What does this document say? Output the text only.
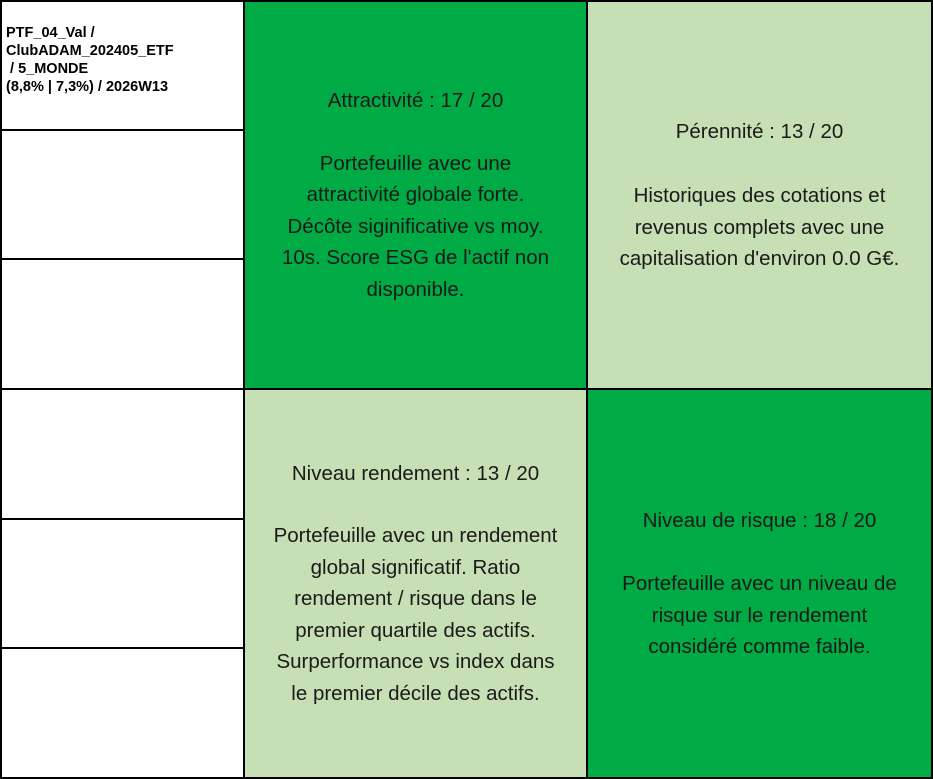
PTF_04_Val /
ClubADAM_202405_ETF
/ 5_MONDE
(8,8% | 7,3%) / 2026W13
Attractivité : 17 / 20
Portefeuille avec une
attractivité globale forte.
Décôte siginificative vs moy.
10s. Score ESG de l'actif non
disponible.
Pérennité : 13 / 20
Historiques des cotations et
revenus complets avec une
capitalisation d'environ 0.0 G€.
Niveau rendement : 13 / 20
Portefeuille avec un rendement
global significatif. Ratio
rendement / risque dans le
premier quartile des actifs.
Surperformance vs index dans
le premier décile des actifs.
Niveau de risque : 18 / 20
Portefeuille avec un niveau de
risque sur le rendement
considéré comme faible.
